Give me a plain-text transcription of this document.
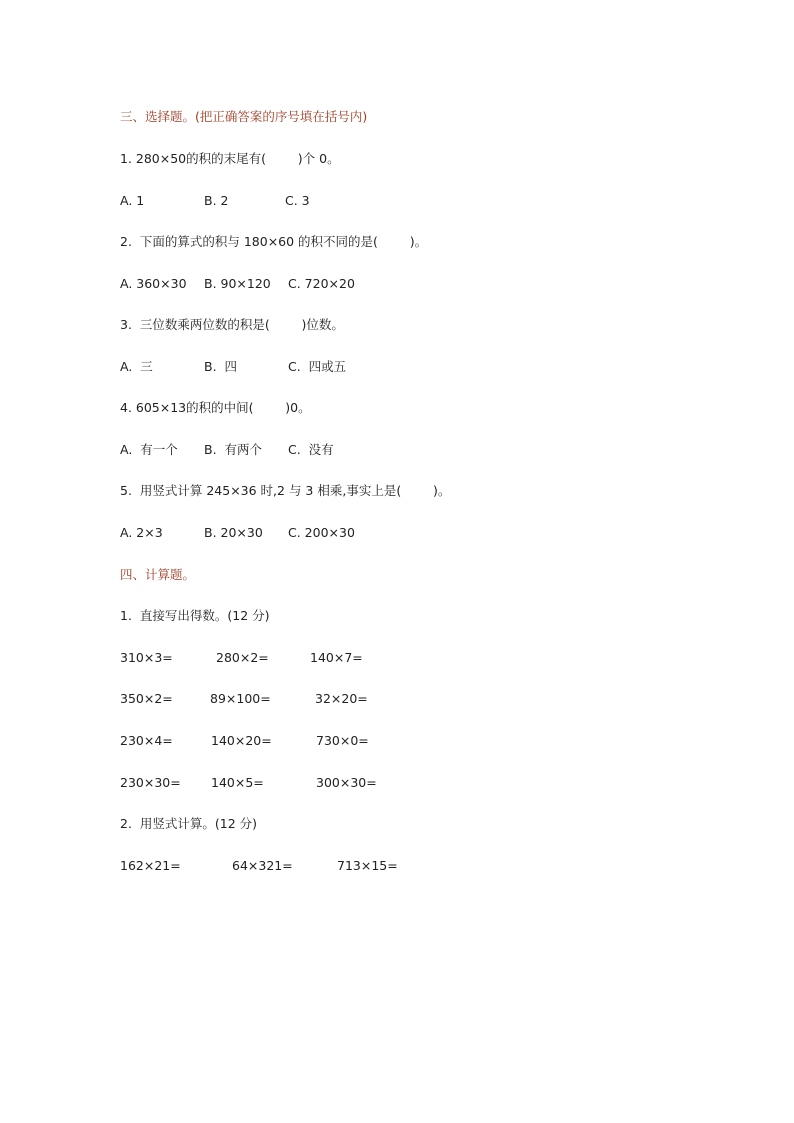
三、选择题。(把正确答案的序号填在括号内)
1. 280×50的积的末尾有(        )个 0。
A. 1	B. 2	C. 3
2.  下面的算式的积与 180×60 的积不同的是(        )。
A. 360×30 B. 90×120 C. 720×20
3.  三位数乘两位数的积是(        )位数。
A.  三	B.  四	C.  四或五
4. 605×13的积的中间(        )0。
A.  有一个 B.  有两个 C.  没有
5.  用竖式计算 245×36 时,2 与 3 相乘,事实上是(        )。
A. 2×3	B. 20×30 C. 200×30
四、计算题。
1.  直接写出得数。(12 分)
310×3=	280×2=	140×7=
350×2=	89×100=	32×20=
230×4=	140×20=	730×0=
230×30= 140×5=	300×30=
2.  用竖式计算。(12 分)
162×21=	64×321=	713×15=
